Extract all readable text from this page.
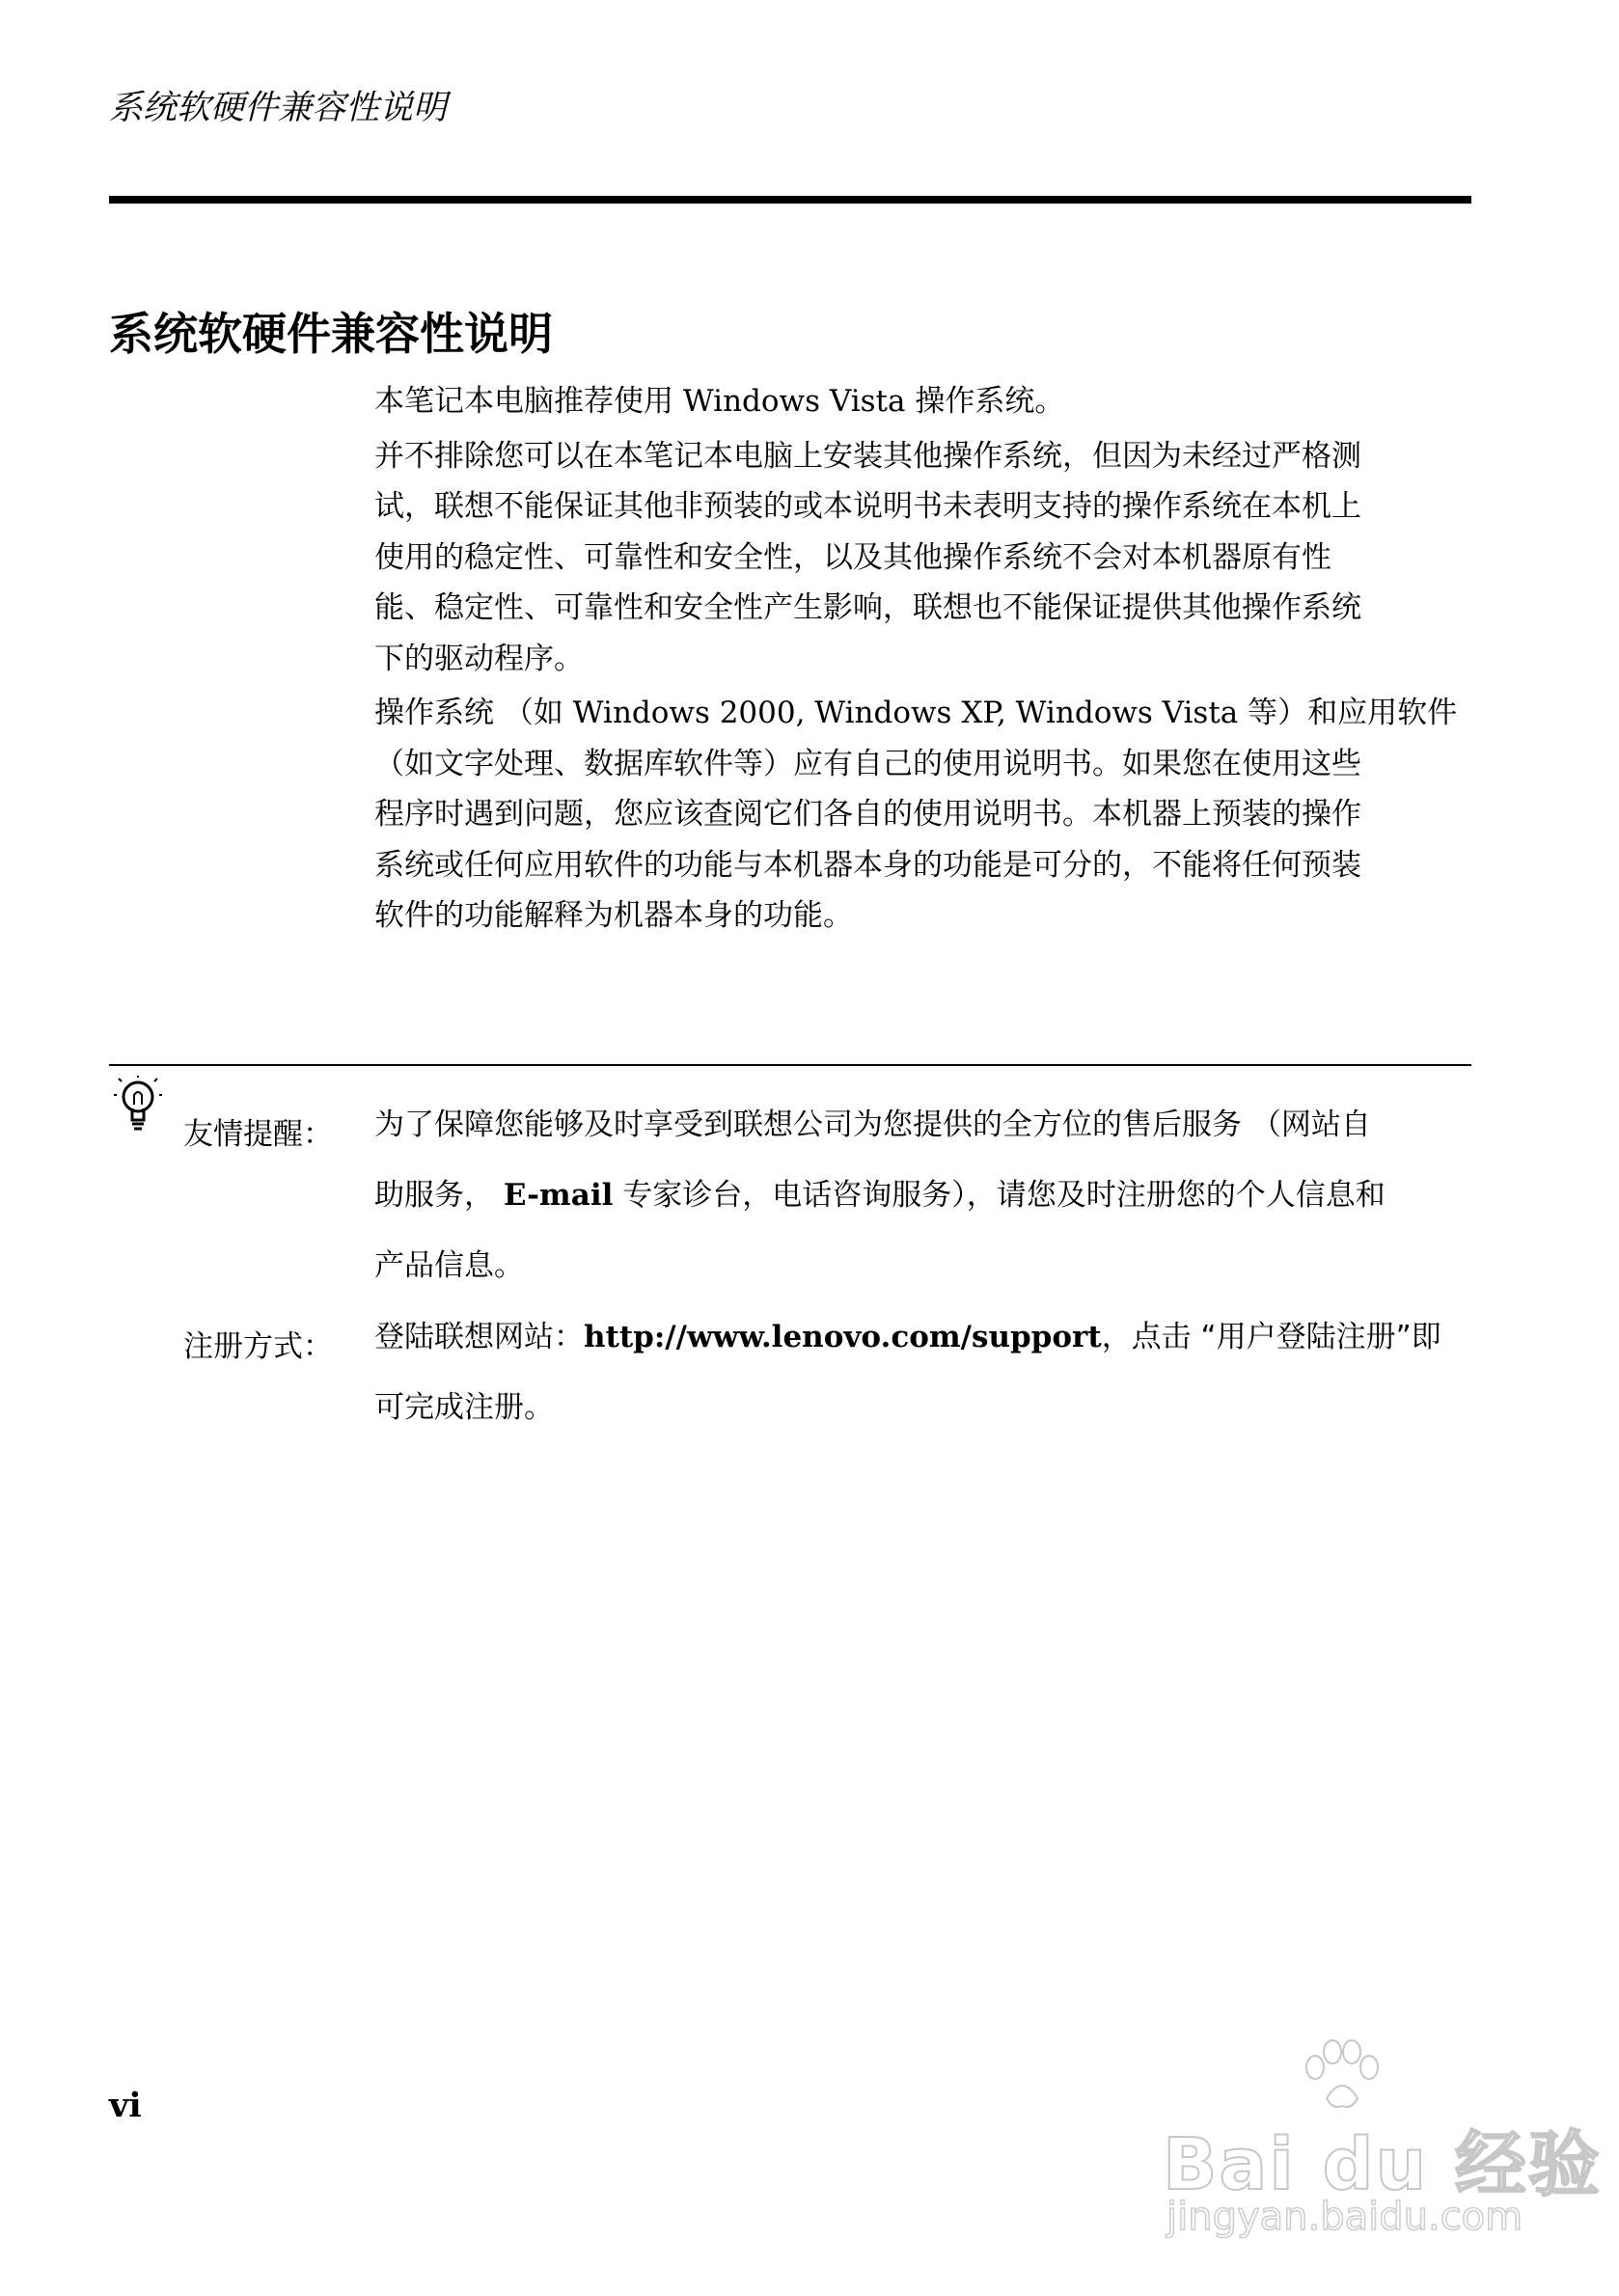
系统软硬件兼容性说明
系统软硬件兼容性说明
本笔记本电脑推荐使用 Windows Vista 操作系统。
并不排除您可以在本笔记本电脑上安装其他操作系统，但因为未经过严格测
试，联想不能保证其他非预装的或本说明书未表明支持的操作系统在本机上
使用的稳定性、可靠性和安全性，以及其他操作系统不会对本机器原有性
能、稳定性、可靠性和安全性产生影响，联想也不能保证提供其他操作系统
下的驱动程序。
操作系统 （如 Windows 2000, Windows XP, Windows Vista 等）和应用软件
（如文字处理、数据库软件等）应有自己的使用说明书。如果您在使用这些
程序时遇到问题，您应该查阅它们各自的使用说明书。本机器上预装的操作
系统或任何应用软件的功能与本机器本身的功能是可分的，不能将任何预装
软件的功能解释为机器本身的功能。
友情提醒： 为了保障您能够及时享受到联想公司为您提供的全方位的售后服务 （网站自
助服务， E-mail 专家诊台，电话咨询服务），请您及时注册您的个人信息和
产品信息。
注册方式： 登陆联想网站：http://www.lenovo.com/support，点击 “用户登陆注册”即
可完成注册。
vi
Bai du 经验
jingyan.baidu.com
